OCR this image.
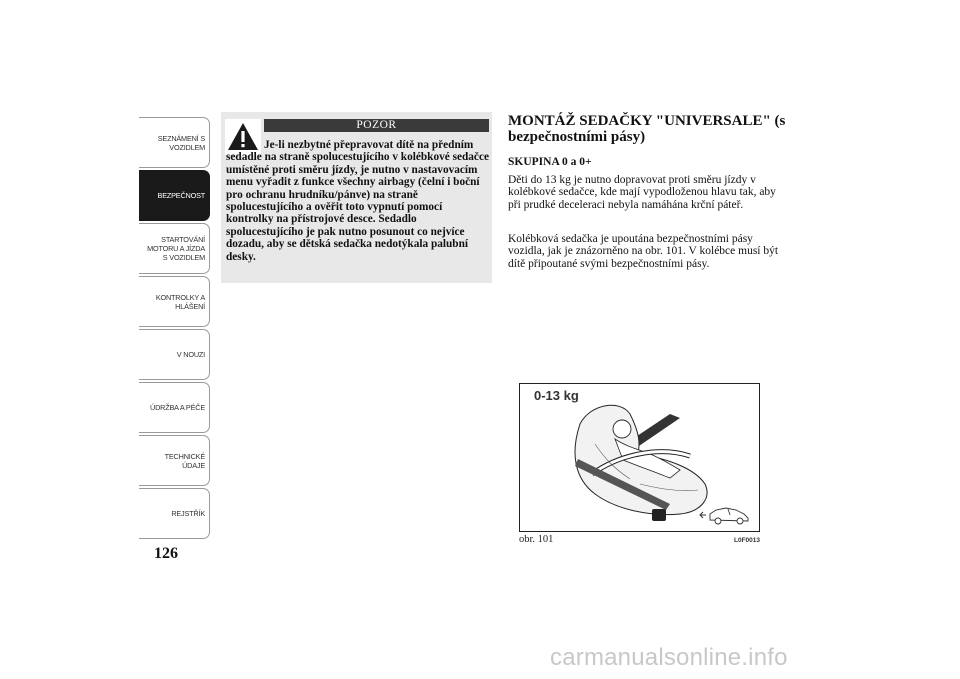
SEZNÁMENÍ S
VOZIDLEM
BEZPEČNOST
STARTOVÁNÍ
MOTORU A JÍZDA
S VOZIDLEM
KONTROLKY A
HLÁŠENÍ
V NOUZI
ÚDRŽBA A PÉČE
TECHNICKÉ
ÚDAJE
REJSTŘÍK
126
POZOR
Je-li nezbytné přepravovat dítě na předním sedadle na straně spolucestujícího v kolébkové sedačce umístěné proti směru jízdy, je nutno v nastavovacím menu vyřadit z funkce všechny airbagy (čelní i boční pro ochranu hrudníku/pánve) na straně spolucestujícího a ověřit toto vypnutí pomocí kontrolky na přístrojové desce. Sedadlo spolucestujícího je pak nutno posunout co nejvíce dozadu, aby se dětská sedačka nedotýkala palubní desky.
MONTÁŽ SEDAČKY "UNIVERSALE" (s bezpečnostními pásy)
SKUPINA 0 a 0+
Děti do 13 kg je nutno dopravovat proti směru jízdy v kolébkové sedačce, kde mají vypodloženou hlavu tak, aby při prudké deceleraci nebyla namáhána krční páteř.
Kolébková sedačka je upoutána bezpečnostními pásy vozidla, jak je znázorněno na obr. 101. V kolébce musí být dítě připoutané svými bezpečnostními pásy.
0-13 kg
obr. 101	L0F0013
carmanualsonline.info
